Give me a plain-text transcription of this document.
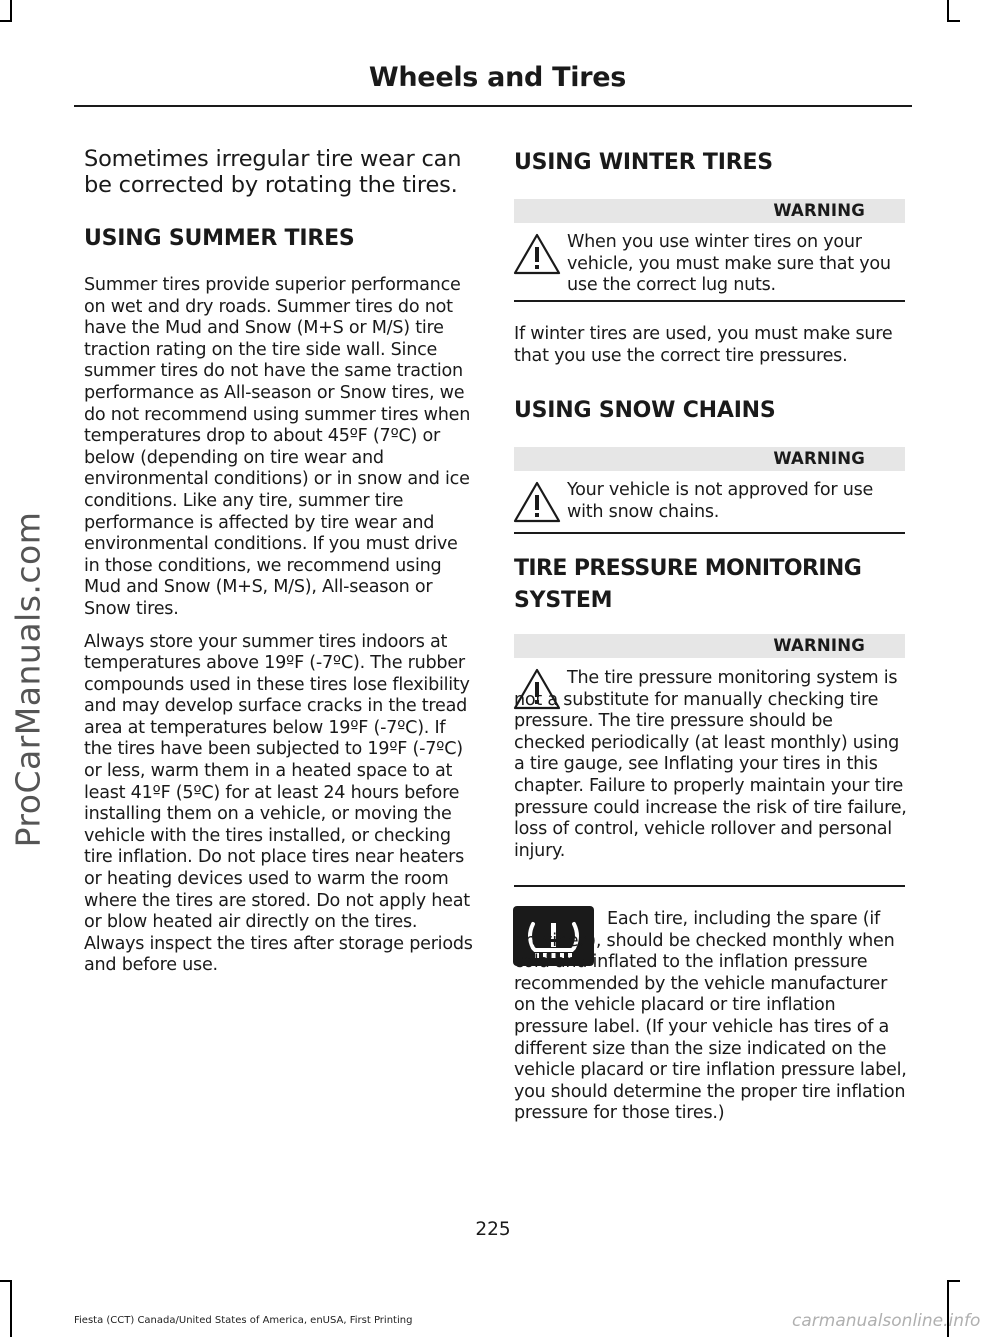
Wheels and Tires
ProCarManuals.com

Sometimes irregular tire wear can be corrected by rotating the tires.

USING SUMMER TIRES

Summer tires provide superior performance on wet and dry roads. Summer tires do not have the Mud and Snow (M+S or M/S) tire traction rating on the tire side wall. Since summer tires do not have the same traction performance as All-season or Snow tires, we do not recommend using summer tires when temperatures drop to about 45ºF (7ºC) or below (depending on tire wear and environmental conditions) or in snow and ice conditions. Like any tire, summer tire performance is affected by tire wear and environmental conditions. If you must drive in those conditions, we recommend using Mud and Snow (M+S, M/S), All-season or Snow tires.

Always store your summer tires indoors at temperatures above 19ºF (-7ºC). The rubber compounds used in these tires lose flexibility and may develop surface cracks in the tread area at temperatures below 19ºF (-7ºC). If the tires have been subjected to 19ºF (-7ºC) or less, warm them in a heated space to at least 41ºF (5ºC) for at least 24 hours before installing them on a vehicle, or moving the vehicle with the tires installed, or checking tire inflation. Do not place tires near heaters or heating devices used to warm the room where the tires are stored. Do not apply heat or blow heated air directly on the tires. Always inspect the tires after storage periods and before use.

USING WINTER TIRES
WARNING

When you use winter tires on your vehicle, you must make sure that you use the correct lug nuts.

If winter tires are used, you must make sure that you use the correct tire pressures.

USING SNOW CHAINS
WARNING

Your vehicle is not approved for use with snow chains.

TIRE PRESSURE MONITORING
SYSTEM
WARNING

The tire pressure monitoring system is not a substitute for manually checking tire pressure. The tire pressure should be checked periodically (at least monthly) using a tire gauge, see Inflating your tires in this chapter. Failure to properly maintain your tire pressure could increase the risk of tire failure, loss of control, vehicle rollover and personal injury.

Each tire, including the spare (if provided), should be checked monthly when cold and inflated to the inflation pressure recommended by the vehicle manufacturer on the vehicle placard or tire inflation pressure label. (If your vehicle has tires of a different size than the size indicated on the vehicle placard or tire inflation pressure label, you should determine the proper tire inflation pressure for those tires.)

225
Fiesta (CCT) Canada/United States of America, enUSA, First Printing	carmanualsonline.info
